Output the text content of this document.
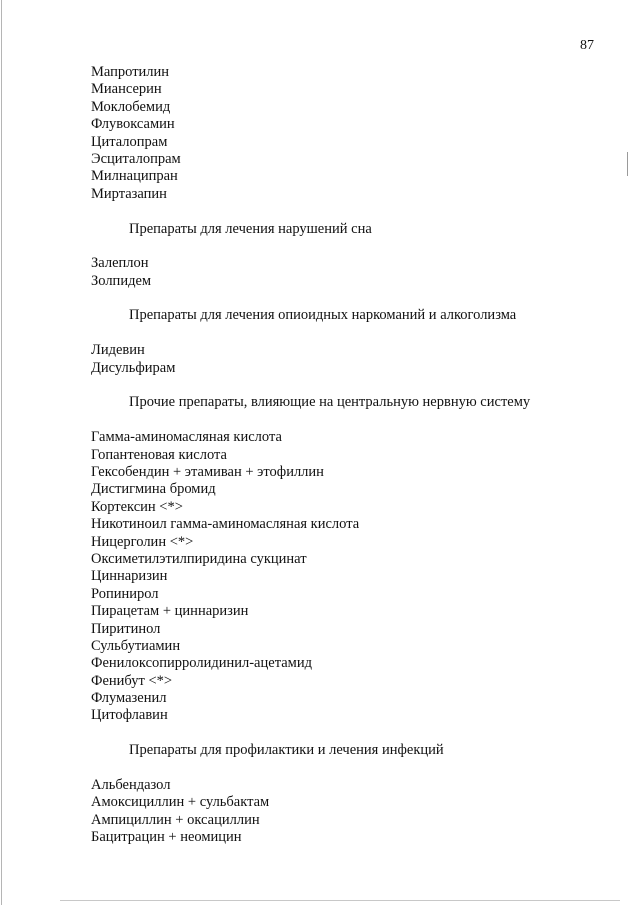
87
Мапротилин
Миансерин
Моклобемид
Флувоксамин
Циталопрам
Эсциталопрам
Милнаципран
Миртазапин
Препараты для лечения нарушений сна
Залеплон
Золпидем
Препараты для лечения опиоидных наркоманий и алкоголизма
Лидевин
Дисульфирам
Прочие препараты, влияющие на центральную нервную систему
Гамма-аминомасляная кислота
Гопантеновая кислота
Гексобендин + этамиван + этофиллин
Дистигмина бромид
Кортексин <*>
Никотиноил гамма-аминомасляная кислота
Ницерголин <*>
Оксиметилэтилпиридина сукцинат
Циннаризин
Ропинирол
Пирацетам + циннаризин
Пиритинол
Сульбутиамин
Фенилоксопирролидинил-ацетамид
Фенибут <*>
Флумазенил
Цитофлавин
Препараты для профилактики и лечения инфекций
Альбендазол
Амоксициллин + сульбактам
Ампициллин + оксациллин
Бацитрацин + неомицин
